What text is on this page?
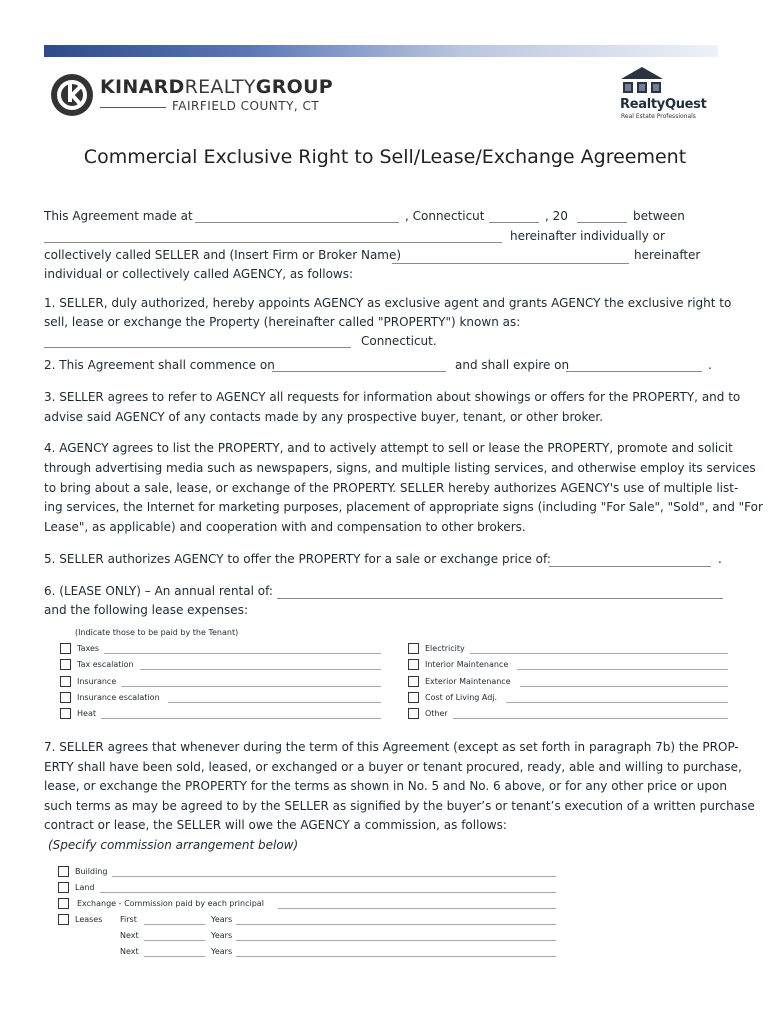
KINARDREALTYGROUP
FAIRFIELD COUNTY, CT	RealtyQuest
Real Estate Professionals
Commercial Exclusive Right to Sell/Lease/Exchange Agreement
This Agreement made at	, Connecticut	, 20	between
hereinafter individually or
collectively called SELLER and (Insert Firm or Broker Name)	hereinafter
individual or collectively called AGENCY, as follows:
1. SELLER, duly authorized, hereby appoints AGENCY as exclusive agent and grants AGENCY the exclusive right to
sell, lease or exchange the Property (hereinafter called "PROPERTY") known as:
Connecticut.
2. This Agreement shall commence on	and shall expire on	.
3. SELLER agrees to refer to AGENCY all requests for information about showings or offers for the PROPERTY, and to
advise said AGENCY of any contacts made by any prospective buyer, tenant, or other broker.
4. AGENCY agrees to list the PROPERTY, and to actively attempt to sell or lease the PROPERTY, promote and solicit
through advertising media such as newspapers, signs, and multiple listing services, and otherwise employ its services
to bring about a sale, lease, or exchange of the PROPERTY. SELLER hereby authorizes AGENCY's use of multiple list-
ing services, the Internet for marketing purposes, placement of appropriate signs (including "For Sale", "Sold", and "For
Lease", as applicable) and cooperation with and compensation to other brokers.
5. SELLER authorizes AGENCY to offer the PROPERTY for a sale or exchange price of:	.
6. (LEASE ONLY) – An annual rental of:
and the following lease expenses:
(Indicate those to be paid by the Tenant)
Taxes
Tax escalation
Insurance
Insurance escalation
Heat
Electricity
Interior Maintenance
Exterior Maintenance
Cost of Living Adj.
Other
7. SELLER agrees that whenever during the term of this Agreement (except as set forth in paragraph 7b) the PROP-
ERTY shall have been sold, leased, or exchanged or a buyer or tenant procured, ready, able and willing to purchase,
lease, or exchange the PROPERTY for the terms as shown in No. 5 and No. 6 above, or for any other price or upon
such terms as may be agreed to by the SELLER as signified by the buyer’s or tenant’s execution of a written purchase
contract or lease, the SELLER will owe the AGENCY a commission, as follows:
(Specify commission arrangement below)
Building
Land
Exchange - Commission paid by each principal
Leases First	Years
Next	Years
Next	Years
